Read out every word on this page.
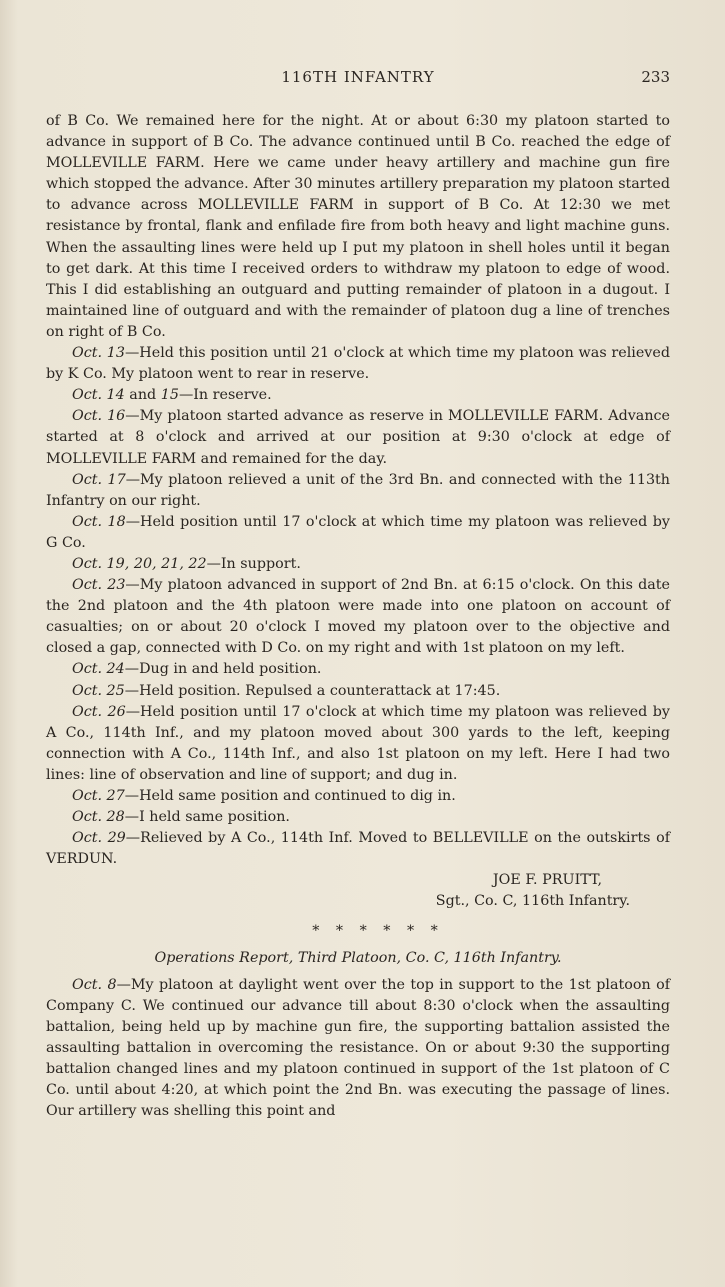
116TH INFANTRY	233

of B Co. We remained here for the night. At or about 6:30 my platoon started to advance in support of B Co. The advance continued until B Co. reached the edge of MOLLEVILLE FARM. Here we came under heavy artillery and machine gun fire which stopped the advance. After 30 minutes artillery preparation my platoon started to advance across MOLLEVILLE FARM in support of B Co. At 12:30 we met resistance by frontal, flank and enfilade fire from both heavy and light machine guns. When the assaulting lines were held up I put my platoon in shell holes until it began to get dark. At this time I received orders to withdraw my platoon to edge of wood. This I did establishing an outguard and putting remainder of platoon in a dugout. I maintained line of outguard and with the remainder of platoon dug a line of trenches on right of B Co.

Oct. 13—Held this position until 21 o'clock at which time my platoon was relieved by K Co. My platoon went to rear in reserve.

Oct. 14 and 15—In reserve.

Oct. 16—My platoon started advance as reserve in MOLLEVILLE FARM. Advance started at 8 o'clock and arrived at our position at 9:30 o'clock at edge of MOLLEVILLE FARM and remained for the day.

Oct. 17—My platoon relieved a unit of the 3rd Bn. and connected with the 113th Infantry on our right.

Oct. 18—Held position until 17 o'clock at which time my platoon was relieved by G Co.

Oct. 19, 20, 21, 22—In support.

Oct. 23—My platoon advanced in support of 2nd Bn. at 6:15 o'clock. On this date the 2nd platoon and the 4th platoon were made into one platoon on account of casualties; on or about 20 o'clock I moved my platoon over to the objective and closed a gap, connected with D Co. on my right and with 1st platoon on my left.

Oct. 24—Dug in and held position.

Oct. 25—Held position. Repulsed a counterattack at 17:45.

Oct. 26—Held position until 17 o'clock at which time my platoon was relieved by A Co., 114th Inf., and my platoon moved about 300 yards to the left, keeping connection with A Co., 114th Inf., and also 1st platoon on my left. Here I had two lines: line of observation and line of support; and dug in.

Oct. 27—Held same position and continued to dig in.

Oct. 28—I held same position.

Oct. 29—Relieved by A Co., 114th Inf. Moved to BELLEVILLE on the outskirts of VERDUN.

JOE F. PRUITT,

Sgt., Co. C, 116th Infantry.

* * * * * *

Operations Report, Third Platoon, Co. C, 116th Infantry.

Oct. 8—My platoon at daylight went over the top in support to the 1st platoon of Company C. We continued our advance till about 8:30 o'clock when the assaulting battalion, being held up by machine gun fire, the supporting battalion assisted the assaulting battalion in overcoming the resistance. On or about 9:30 the supporting battalion changed lines and my platoon continued in support of the 1st platoon of C Co. until about 4:20, at which point the 2nd Bn. was executing the passage of lines. Our artillery was shelling this point and
